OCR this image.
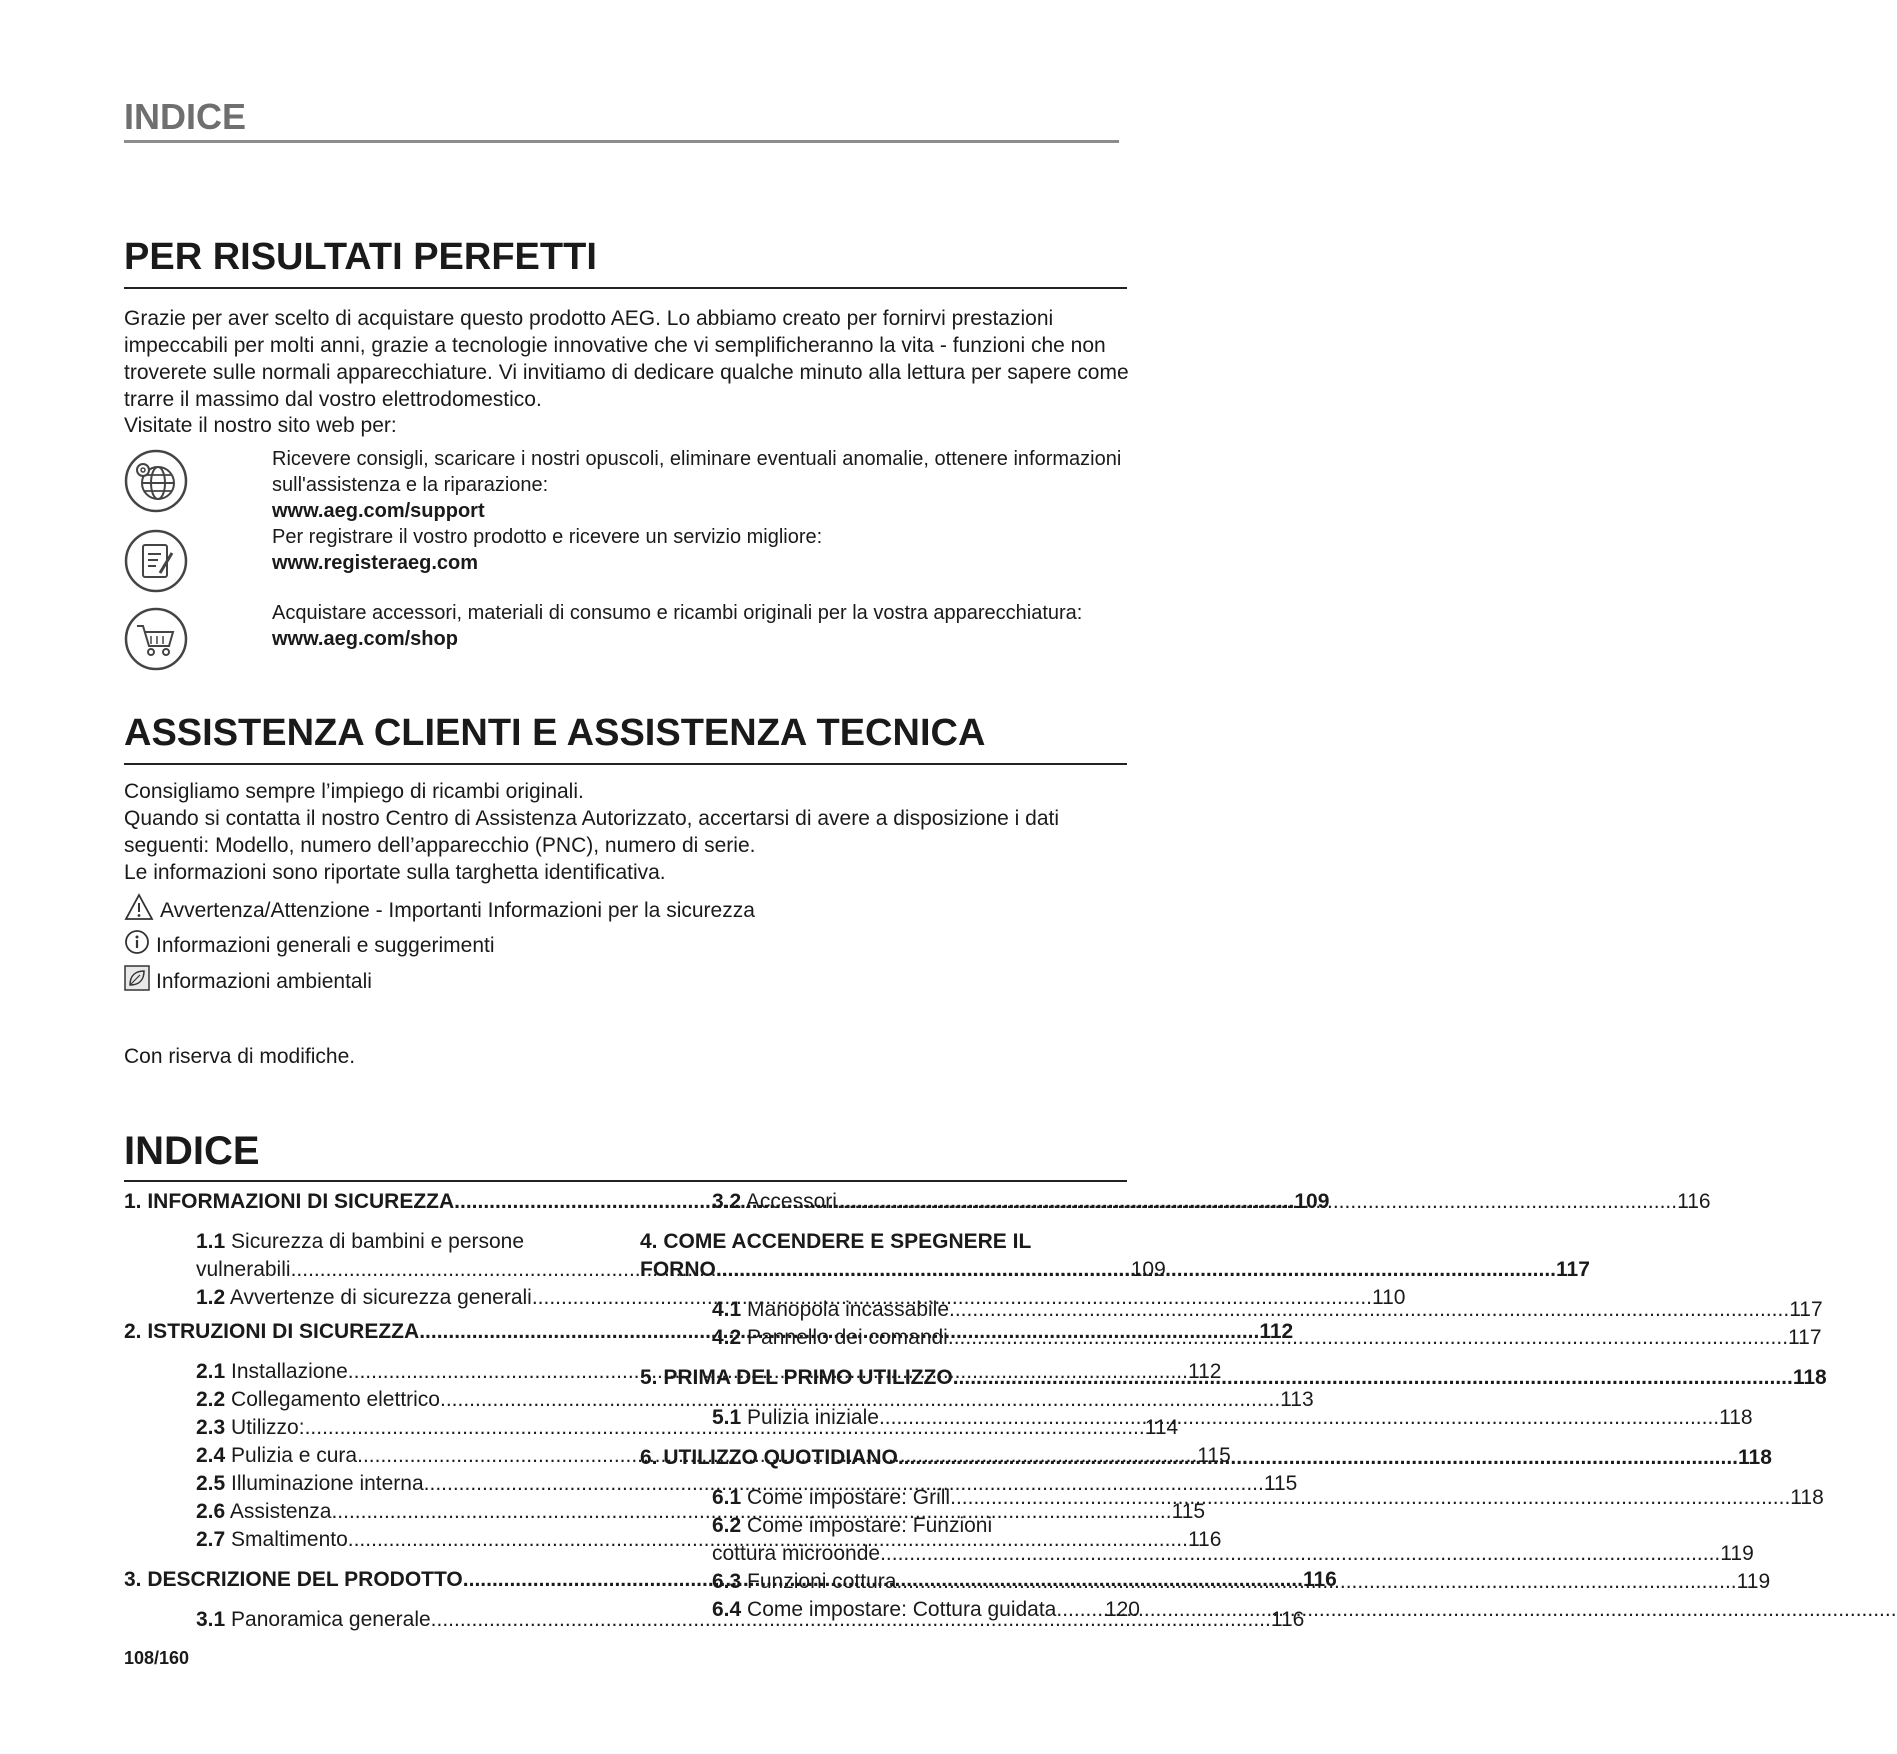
INDICE
PER RISULTATI PERFETTI

Grazie per aver scelto di acquistare questo prodotto AEG. Lo abbiamo creato per fornirvi prestazioni impeccabili per molti anni, grazie a tecnologie innovative che vi semplificheranno la vita - funzioni che non troverete sulle normali apparecchiature. Vi invitiamo di dedicare qualche minuto alla lettura per sapere come trarre il massimo dal vostro elettrodomestico.

Visitate il nostro sito web per:

Ricevere consigli, scaricare i nostri opuscoli, eliminare eventuali anomalie, ottenere informazioni sull'assistenza e la riparazione:
www.aeg.com/support
Per registrare il vostro prodotto e ricevere un servizio migliore:
www.registeraeg.com
Acquistare accessori, materiali di consumo e ricambi originali per la vostra apparecchiatura:
www.aeg.com/shop
ASSISTENZA CLIENTI E ASSISTENZA TECNICA
Consigliamo sempre l’impiego di ricambi originali.
Quando si contatta il nostro Centro di Assistenza Autorizzato, accertarsi di avere a disposizione i dati seguenti: Modello, numero dell’apparecchio (PNC), numero di serie.
Le informazioni sono riportate sulla targhetta identificativa.
Avvertenza/Attenzione - Importanti Informazioni per la sicurezza
Informazioni generali e suggerimenti
Informazioni ambientali
Con riserva di modifiche.
INDICE
1. INFORMAZIONI DI SICUREZZA .....	109
1.1 Sicurezza di bambini e persone
vulnerabili .....	109
1.2 Avvertenze di sicurezza generali .....	110
2. ISTRUZIONI DI SICUREZZA .....	112
2.1 Installazione .....	112
2.2 Collegamento elettrico .....	113
2.3 Utilizzo: .....	114
2.4 Pulizia e cura .....	115
2.5 Illuminazione interna .....	115
2.6 Assistenza .....	115
2.7 Smaltimento .....	116
3. DESCRIZIONE DEL PRODOTTO .....	116
3.1 Panoramica generale .....	116
3.2 Accessori .....	116
4. COME ACCENDERE E SPEGNERE IL
FORNO .....	117
4.1 Manopola incassabile .....	117
4.2 Pannello dei comandi .....	117
5. PRIMA DEL PRIMO UTILIZZO .....	118
5.1 Pulizia iniziale .....	118
6. UTILIZZO QUOTIDIANO .....	118
6.1 Come impostare: Grill .....	118
6.2 Come impostare: Funzioni
cottura microonde .....	119
6.3 Funzioni cottura .....	119
6.4 Come impostare: Cottura guidata ..... 120
108/160
